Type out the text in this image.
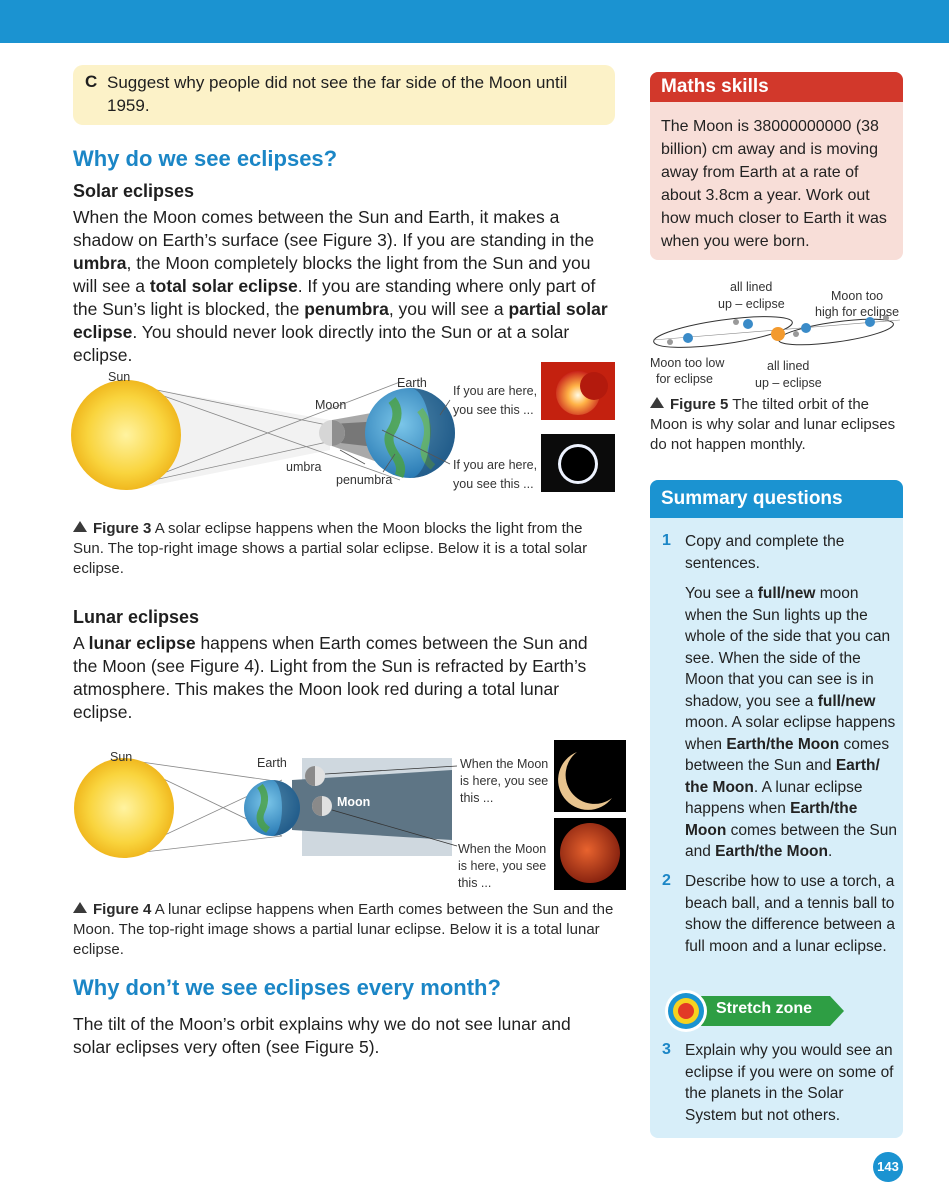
C Suggest why people did not see the far side of the Moon until 1959.
Why do we see eclipses?
Solar eclipses
When the Moon comes between the Sun and Earth, it makes a shadow on Earth’s surface (see Figure 3). If you are standing in the umbra, the Moon completely blocks the light from the Sun and you will see a total solar eclipse. If you are standing where only part of the Sun’s light is blocked, the penumbra, you will see a partial solar eclipse. You should never look directly into the Sun or at a solar eclipse.
Sun	Earth
Moon
umbra
penumbra
If you are here,
you see this ...
If you are here,
you see this ...
Figure 3 A solar eclipse happens when the Moon blocks the light from the Sun. The top-right image shows a partial solar eclipse. Below it is a total solar eclipse.
Lunar eclipses
A lunar eclipse happens when Earth comes between the Sun and the Moon (see Figure 4). Light from the Sun is refracted by Earth’s atmosphere. This makes the Moon look red during a total lunar eclipse.
Sun	Earth
Moon
When the Moon
is here, you see
this ...
When the Moon
is here, you see
this ...
Figure 4 A lunar eclipse happens when Earth comes between the Sun and the Moon. The top-right image shows a partial lunar eclipse. Below it is a total lunar eclipse.
Why don’t we see eclipses every month?
The tilt of the Moon’s orbit explains why we do not see lunar and solar eclipses very often (see Figure 5).
Maths skills
The Moon is 38000000000 (38 billion) cm away and is moving away from Earth at a rate of about 3.8cm a year. Work out how much closer to Earth it was when you were born.
all lined
up – eclipse
Moon too
high for eclipse
Moon too low
for eclipse
all lined
up – eclipse
Figure 5 The tilted orbit of the Moon is why solar and lunar eclipses do not happen monthly.
Summary questions
1 Copy and complete the sentences.
You see a full/new moon when the Sun lights up the whole of the side that you can see. When the side of the Moon that you can see is in shadow, you see a full/new moon. A solar eclipse happens when Earth/the Moon comes between the Sun and Earth/ the Moon. A lunar eclipse happens when Earth/the Moon comes between the Sun and Earth/the Moon.
2 Describe how to use a torch, a beach ball, and a tennis ball to show the difference between a full moon and a lunar eclipse.
Stretch zone
3 Explain why you would see an eclipse if you were on some of the planets in the Solar System but not others.
143
